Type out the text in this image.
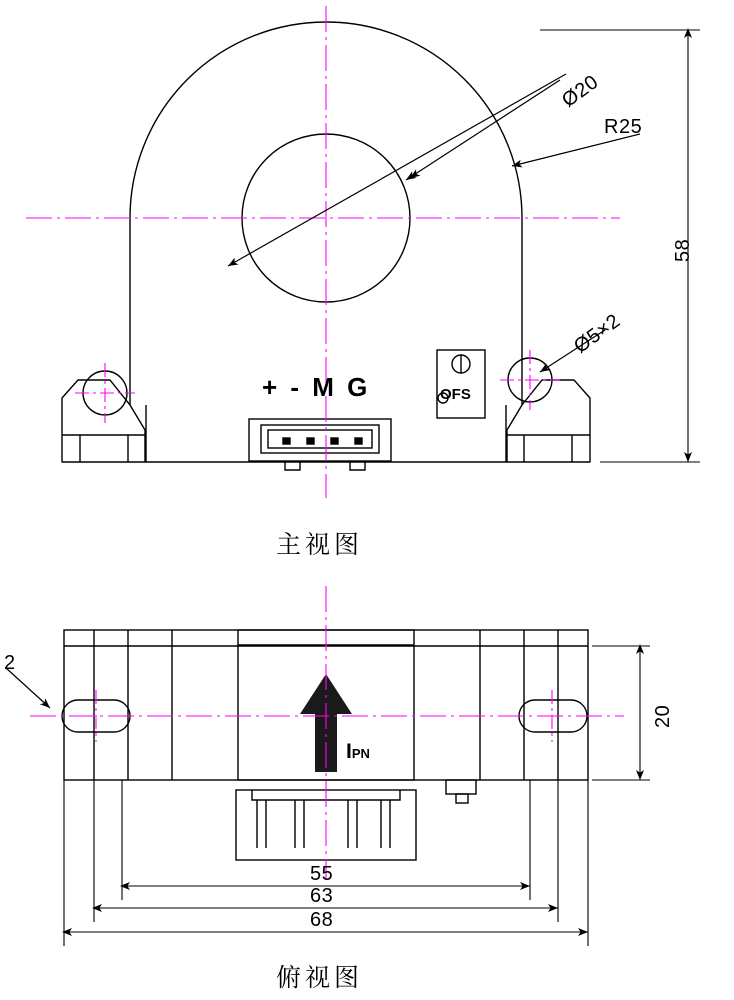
Ø20
R25
Ø5×2
58
+ - M G	OFS
主视图
2
20
55
63
68
IPN
俯视图
